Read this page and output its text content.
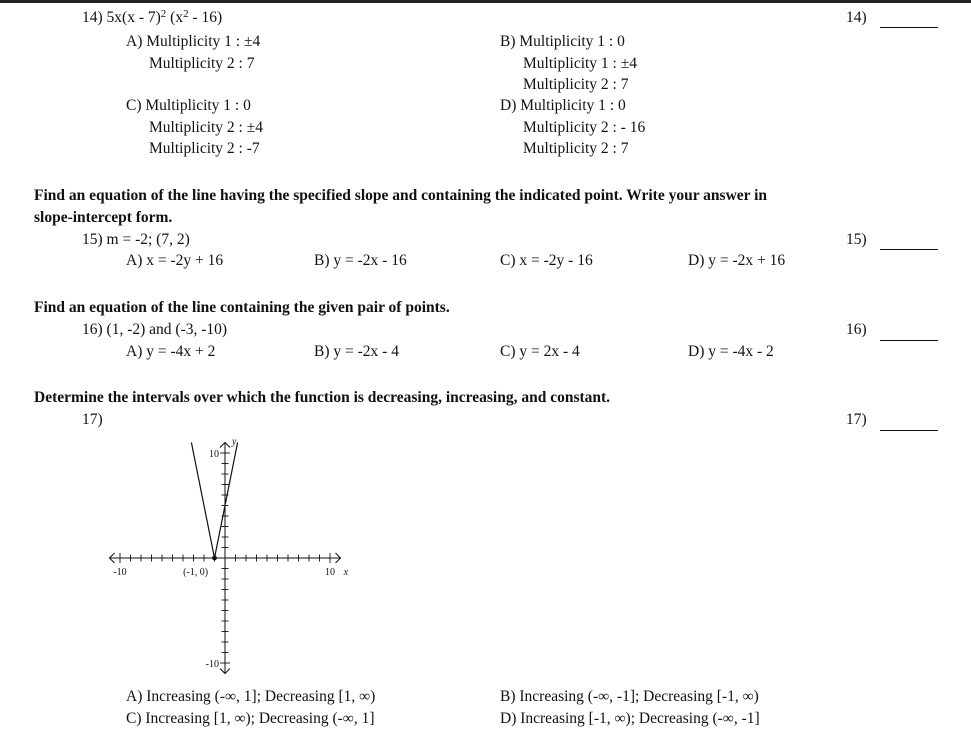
14) 5x(x - 7)$^2$ $(x^2 - 16)$	14)
A) Multiplicity 1 : ±4
Multiplicity 2 : 7
B) Multiplicity 1 : 0
Multiplicity 1 : ±4
Multiplicity 2 : 7
C) Multiplicity 1 : 0
Multiplicity 2 : ±4
Multiplicity 2 : -7
D) Multiplicity 1 : 0
Multiplicity 2 : - 16
Multiplicity 2 : 7
Find an equation of the line having the specified slope and containing the indicated point. Write your answer in
slope-intercept form.
15) m = -2; (7, 2)	15)
A) x = -2y + 16	B) y = -2x - 16	C) x = -2y - 16	D) y = -2x + 16
Find an equation of the line containing the given pair of points.
16) (1, -2) and (-3, -10)	16)
A) y = -4x + 2	B) y = -2x - 4	C) y = 2x - 4	D) y = -4x - 2
Determine the intervals over which the function is decreasing, increasing, and constant.
17)	17)
-10	10
10
-10
x
y
(-1, 0)
A) Increasing (-∞, 1]; Decreasing [1, ∞)	B) Increasing (-∞, -1]; Decreasing [-1, ∞)
C) Increasing [1, ∞); Decreasing (-∞, 1]	D) Increasing [-1, ∞); Decreasing (-∞, -1]
